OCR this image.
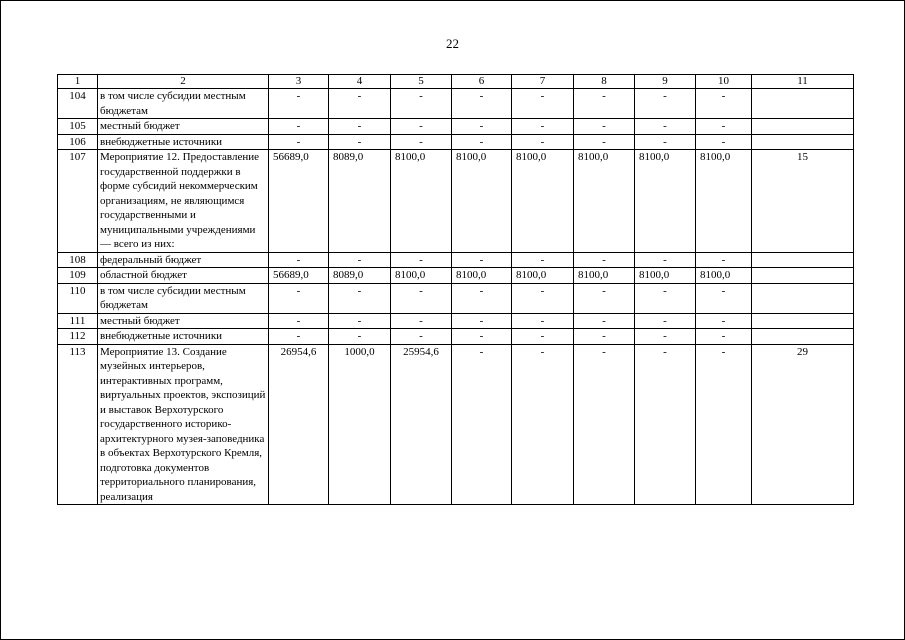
22
1	2	3	4	5	6	7	8	9	10	11
104	в том числе субсидии местным бюджетам	-	-	-	-	-	-	-	-	
105	местный бюджет	-	-	-	-	-	-	-	-	
106	внебюджетные источники	-	-	-	-	-	-	-	-	
107	Мероприятие 12. Предоставление государственной поддержки в форме субсидий некоммерческим организациям, не являющимся государственными и муниципальными учреждениями — всего из них:	56689,0	8089,0	8100,0	8100,0	8100,0	8100,0	8100,0	8100,0	15
108	федеральный бюджет	-	-	-	-	-	-	-	-	
109	областной бюджет	56689,0	8089,0	8100,0	8100,0	8100,0	8100,0	8100,0	8100,0	
110	в том числе субсидии местным бюджетам	-	-	-	-	-	-	-	-	
111	местный бюджет	-	-	-	-	-	-	-	-	
112	внебюджетные источники	-	-	-	-	-	-	-	-	
113	Мероприятие 13. Создание музейных интерьеров, интерактивных программ, виртуальных проектов, экспозиций и выставок Верхотурского государственного историко-архитектурного музея-заповедника в объектах Верхотурского Кремля, подготовка документов территориального планирования, реализация	26954,6	1000,0	25954,6	-	-	-	-	-	29
